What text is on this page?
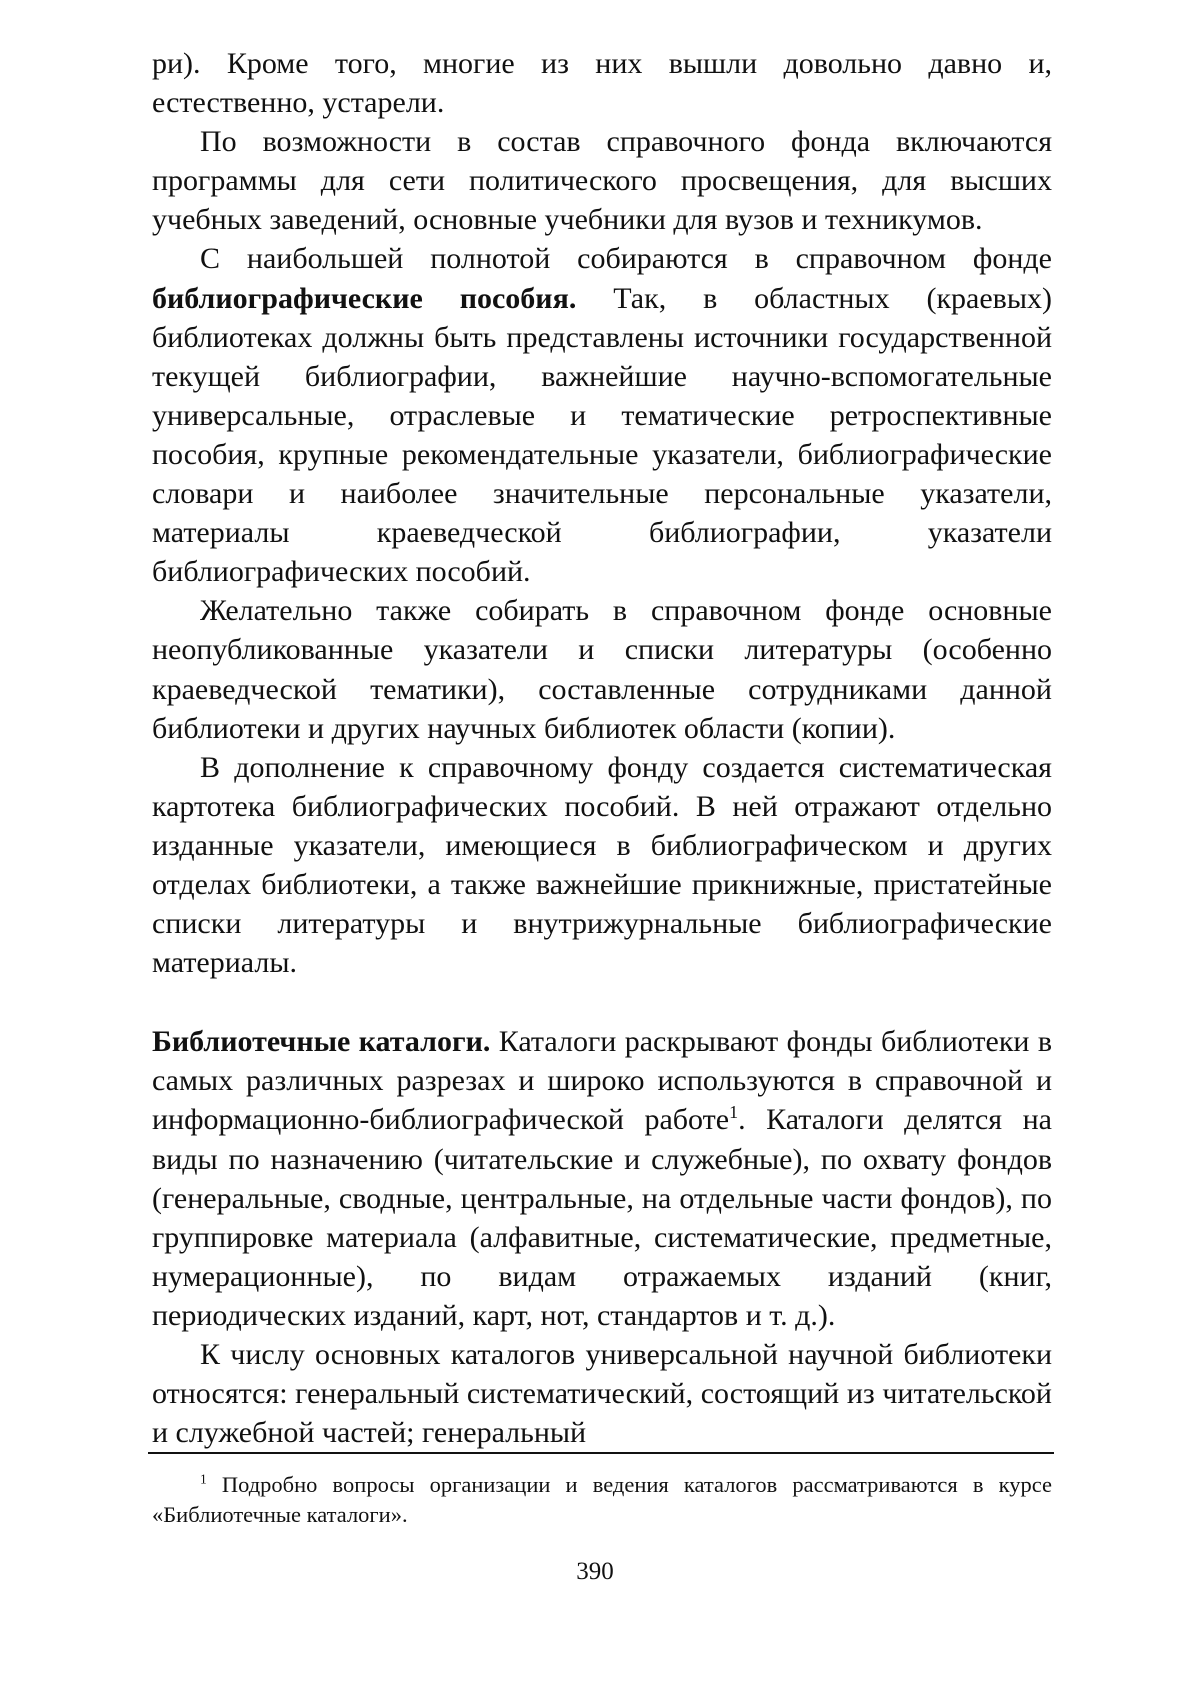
ри). Кроме того, многие из них вышли довольно давно и, естественно, устарели.

По возможности в состав справочного фонда включаются программы для сети политического просвещения, для высших учебных заведений, основные учебники для вузов и техникумов.

С наибольшей полнотой собираются в справочном фонде библиографические пособия. Так, в областных (краевых) библиотеках должны быть представлены источники государственной текущей библиографии, важнейшие научно-вспомогательные универсальные, отраслевые и тематические ретроспективные пособия, крупные рекомендательные указатели, библиографические словари и наиболее значительные персональные указатели, материалы краеведческой библиографии, указатели библиографических пособий.

Желательно также собирать в справочном фонде основные неопубликованные указатели и списки литературы (особенно краеведческой тематики), составленные сотрудниками данной библиотеки и других научных библиотек области (копии).

В дополнение к справочному фонду создается систематическая картотека библиографических пособий. В ней отражают отдельно изданные указатели, имеющиеся в библиографическом и других отделах библиотеки, а также важнейшие прикнижные, пристатейные списки литературы и внутрижурнальные библиографические материалы.

Библиотечные каталоги. Каталоги раскрывают фонды библиотеки в самых различных разрезах и широко используются в справочной и информационно-библиографической работе$^1$. Каталоги делятся на виды по назначению (читательские и служебные), по охвату фондов (генеральные, сводные, центральные, на отдельные части фондов), по группировке материала (алфавитные, систематические, предметные, нумерационные), по видам отражаемых изданий (книг, периодических изданий, карт, нот, стандартов и т. д.).

К числу основных каталогов универсальной научной библиотеки относятся: генеральный систематический, состоящий из читательской и служебной частей; генеральный

$^1$ Подробно вопросы организации и ведения каталогов рассматриваются в курсе «Библиотечные каталоги».

390
